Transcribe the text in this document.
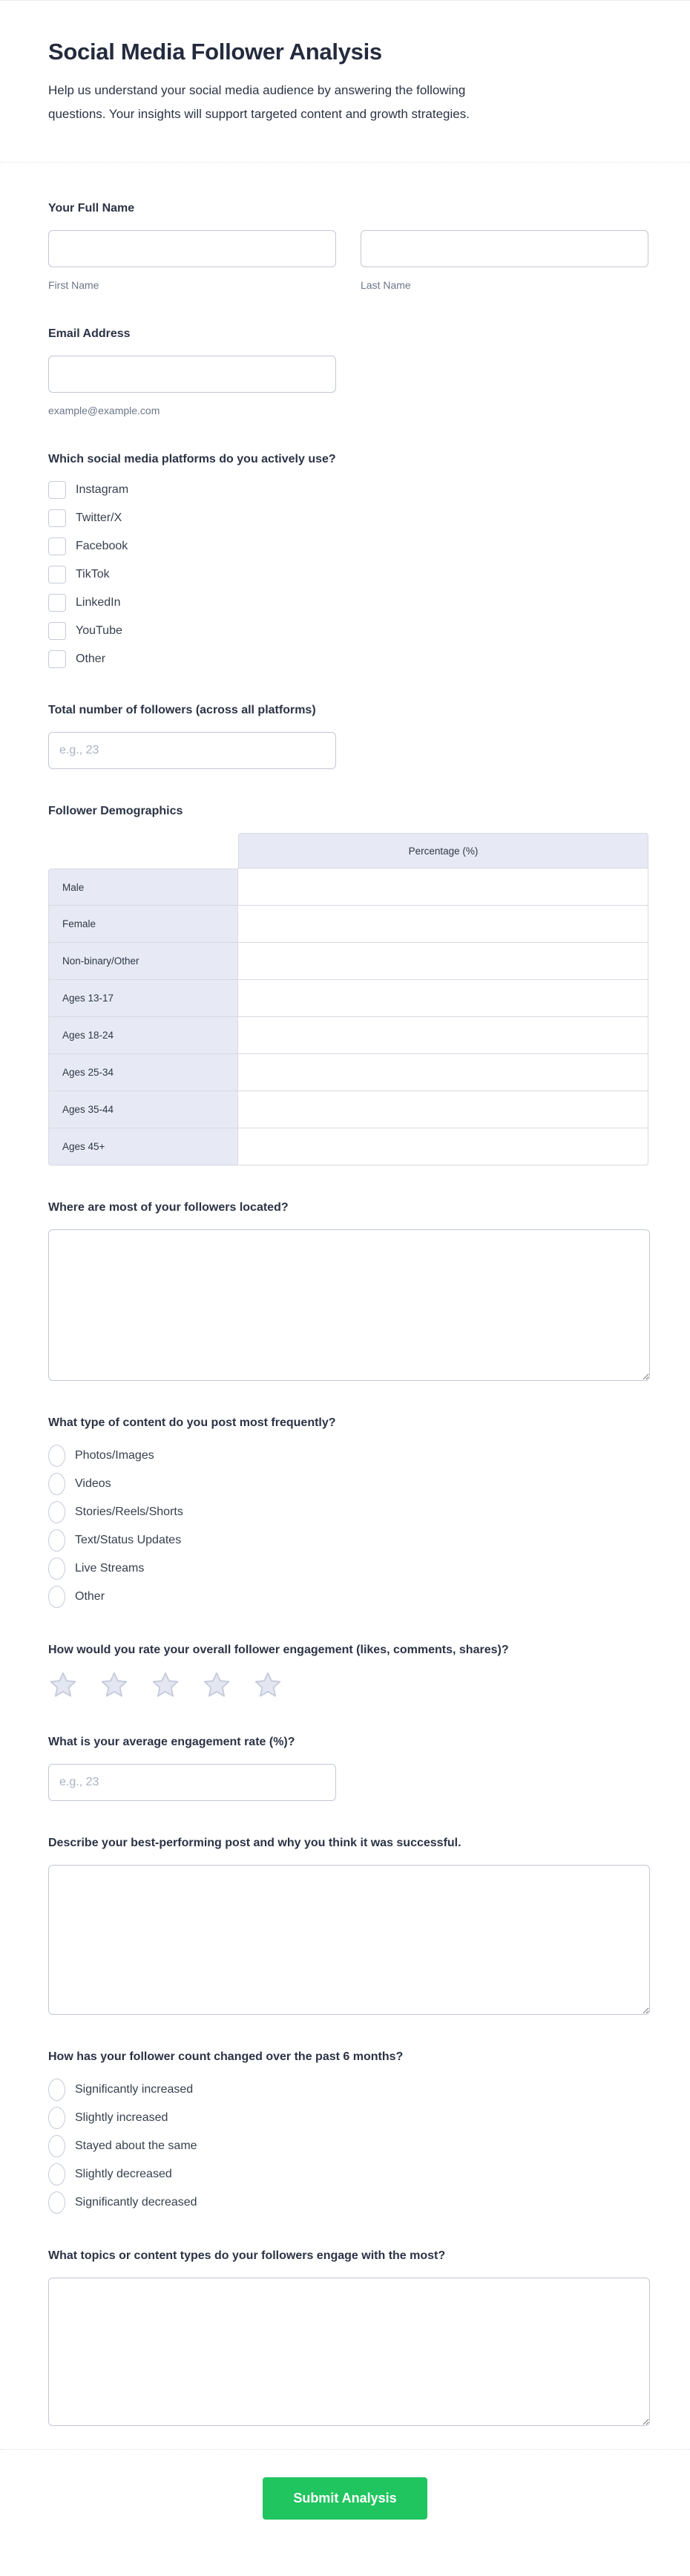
Social Media Follower Analysis
Help us understand your social media audience by answering the following
questions. Your insights will support targeted content and growth strategies.
Your Full Name
First Name	Last Name
Email Address
example@example.com
Which social media platforms do you actively use?
Instagram
Twitter/X
Facebook
TikTok
LinkedIn
YouTube
Other
Total number of followers (across all platforms)
e.g., 23
Follower Demographics
Percentage (%)
Male
Female
Non-binary/Other
Ages 13-17
Ages 18-24
Ages 25-34
Ages 35-44
Ages 45+
Where are most of your followers located?
What type of content do you post most frequently?
Photos/Images
Videos
Stories/Reels/Shorts
Text/Status Updates
Live Streams
Other
How would you rate your overall follower engagement (likes, comments, shares)?
What is your average engagement rate (%)?
e.g., 23
Describe your best-performing post and why you think it was successful.
How has your follower count changed over the past 6 months?
Significantly increased
Slightly increased
Stayed about the same
Slightly decreased
Significantly decreased
What topics or content types do your followers engage with the most?
Submit Analysis
